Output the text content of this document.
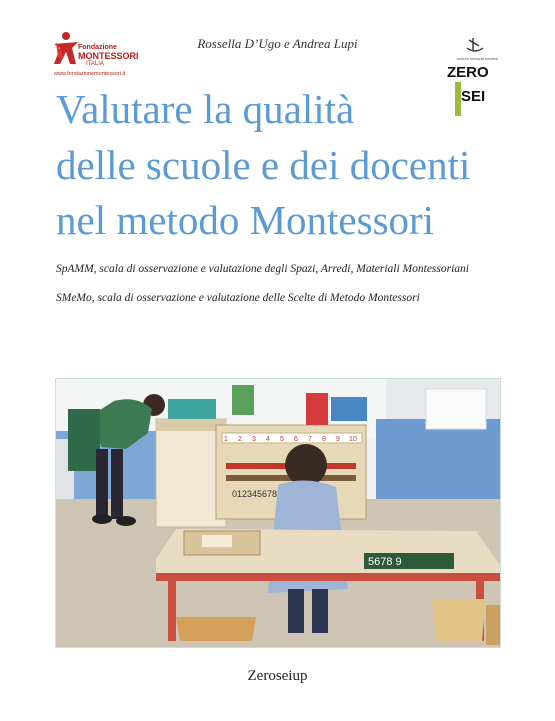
Fondazione
MONTESSORI
ITALIA
www.fondazionemontessori.it
Rossella D’Ugo e Andrea Lupi
culture infanzia società
ZERO
SEI
Valutare la qualità
delle scuole e dei docenti
nel metodo Montessori
SpAMM, scala di osservazione e valutazione degli Spazi, Arredi, Materiali Montessoriani
SMeMo, scala di osservazione e valutazione delle Scelte di Metodo Montessori
1 2 3 4 5 6 7 8 9 10
012345678
5678 9
Zeroseiup
